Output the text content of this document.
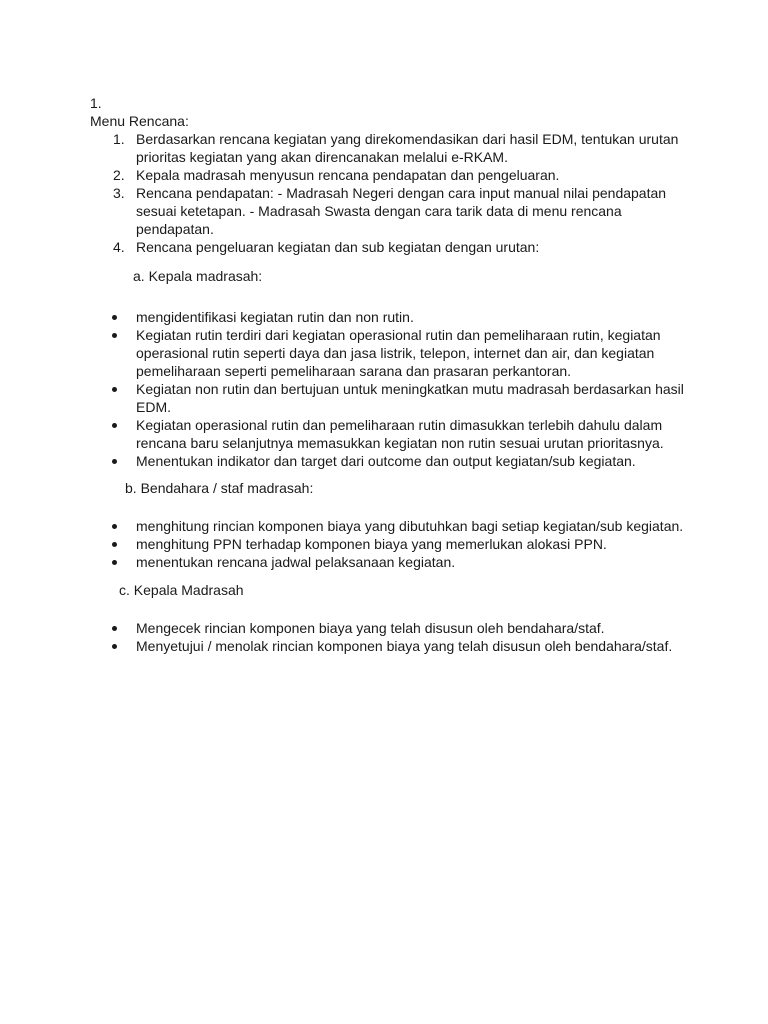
1.

Menu Rencana:

1. Berdasarkan rencana kegiatan yang direkomendasikan dari hasil EDM, tentukan urutan prioritas kegiatan yang akan direncanakan melalui e-RKAM.
2. Kepala madrasah menyusun rencana pendapatan dan pengeluaran.
3. Rencana pendapatan: - Madrasah Negeri dengan cara input manual nilai pendapatan sesuai ketetapan. - Madrasah Swasta dengan cara tarik data di menu rencana pendapatan.
4. Rencana pengeluaran kegiatan dan sub kegiatan dengan urutan:

a. Kepala madrasah:

mengidentifikasi kegiatan rutin dan non rutin.
Kegiatan rutin terdiri dari kegiatan operasional rutin dan pemeliharaan rutin, kegiatan operasional rutin seperti daya dan jasa listrik, telepon, internet dan air, dan kegiatan pemeliharaan seperti pemeliharaan sarana dan prasaran perkantoran.
Kegiatan non rutin dan bertujuan untuk meningkatkan mutu madrasah berdasarkan hasil EDM.
Kegiatan operasional rutin dan pemeliharaan rutin dimasukkan terlebih dahulu dalam rencana baru selanjutnya memasukkan kegiatan non rutin sesuai urutan prioritasnya.
Menentukan indikator dan target dari outcome dan output kegiatan/sub kegiatan.

b. Bendahara / staf madrasah:

menghitung rincian komponen biaya yang dibutuhkan bagi setiap kegiatan/sub kegiatan.
menghitung PPN terhadap komponen biaya yang memerlukan alokasi PPN.
menentukan rencana jadwal pelaksanaan kegiatan.

c. Kepala Madrasah

Mengecek rincian komponen biaya yang telah disusun oleh bendahara/staf.
Menyetujui / menolak rincian komponen biaya yang telah disusun oleh bendahara/staf.
